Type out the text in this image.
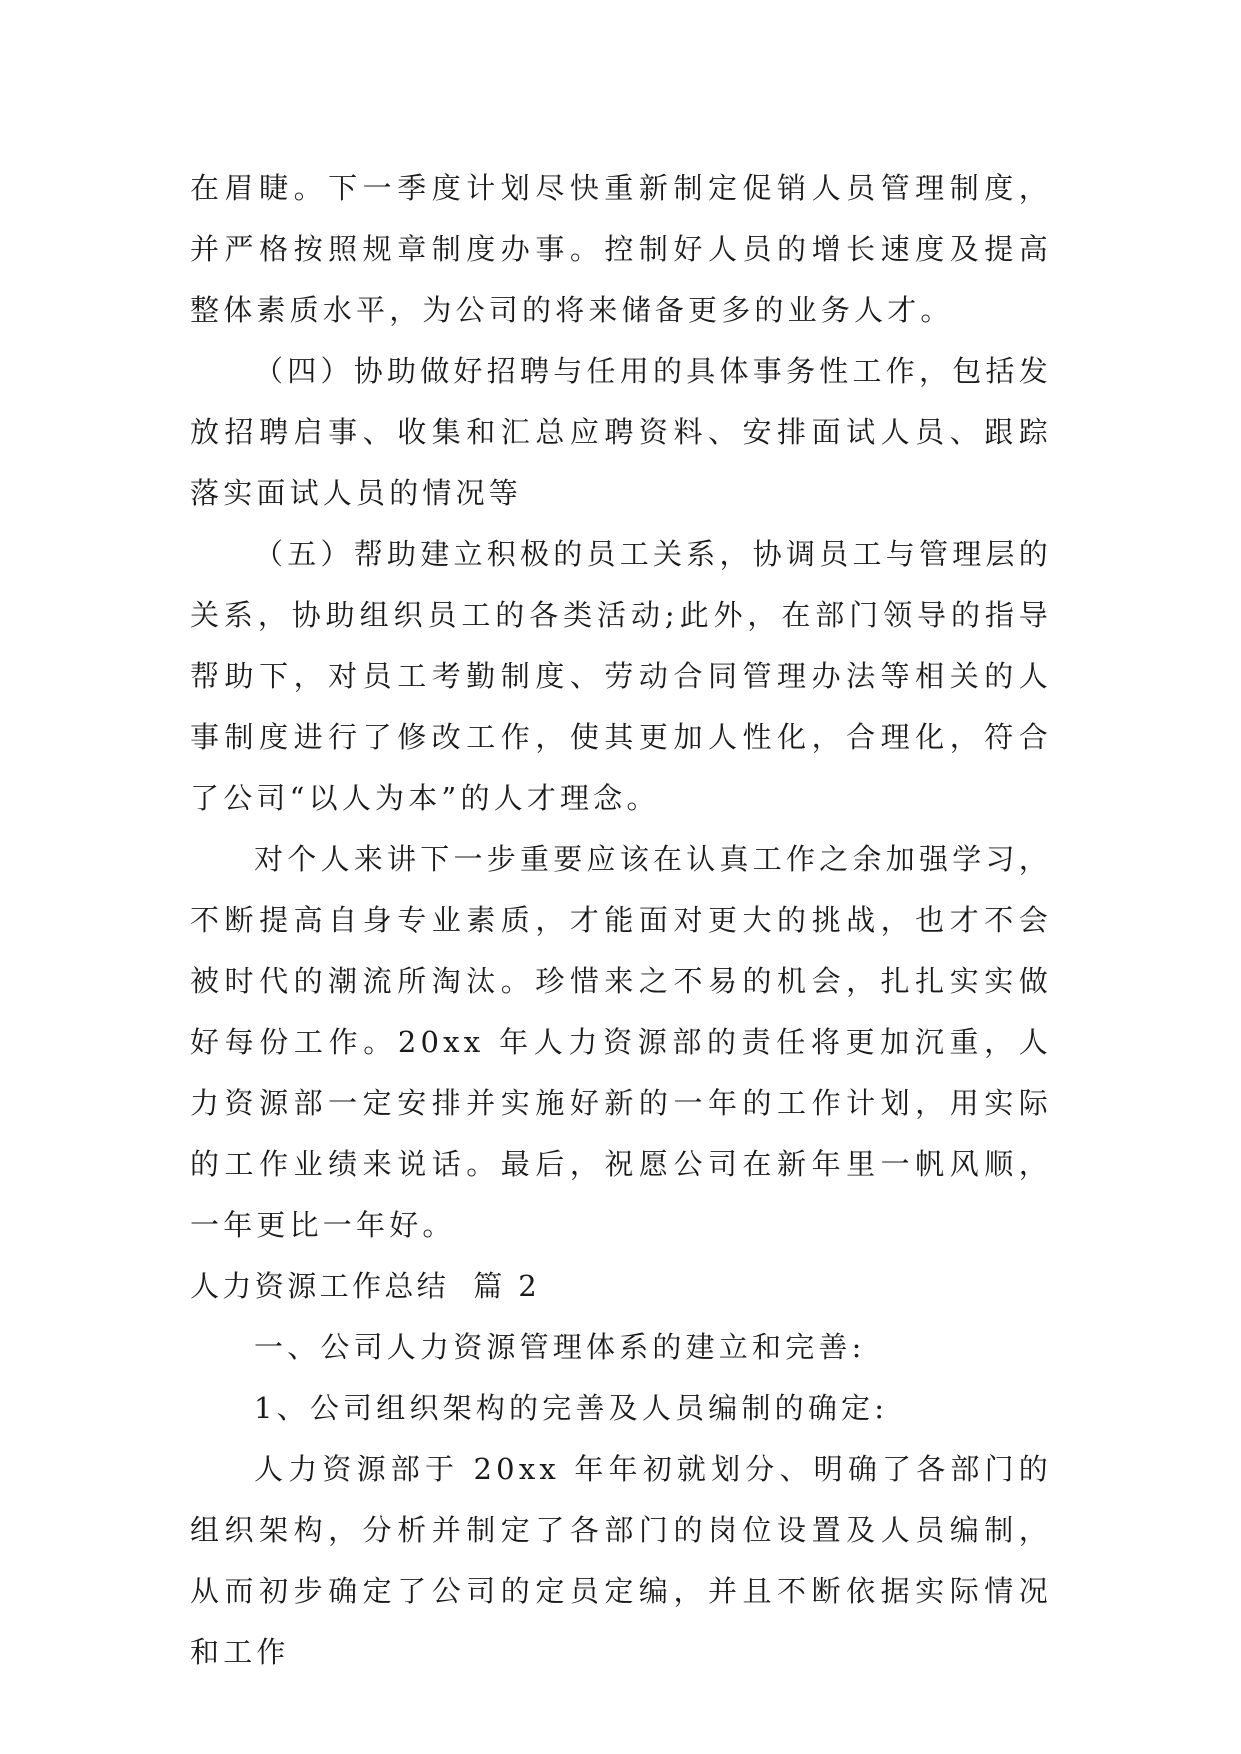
在眉睫。下一季度计划尽快重新制定促销人员管理制度，并严格按照规章制度办事。控制好人员的增长速度及提高整体素质水平，为公司的将来储备更多的业务人才。

（四）协助做好招聘与任用的具体事务性工作，包括发放招聘启事、收集和汇总应聘资料、安排面试人员、跟踪落实面试人员的情况等

（五）帮助建立积极的员工关系，协调员工与管理层的关系，协助组织员工的各类活动;此外，在部门领导的指导帮助下，对员工考勤制度、劳动合同管理办法等相关的人事制度进行了修改工作，使其更加人性化，合理化，符合了公司“以人为本”的人才理念。

对个人来讲下一步重要应该在认真工作之余加强学习，不断提高自身专业素质，才能面对更大的挑战，也才不会被时代的潮流所淘汰。珍惜来之不易的机会，扎扎实实做好每份工作。20xx 年人力资源部的责任将更加沉重，人力资源部一定安排并实施好新的一年的工作计划，用实际的工作业绩来说话。最后，祝愿公司在新年里一帆风顺，一年更比一年好。

人力资源工作总结 篇 2

一、公司人力资源管理体系的建立和完善:

1、公司组织架构的完善及人员编制的确定:

人力资源部于 20xx 年年初就划分、明确了各部门的组织架构，分析并制定了各部门的岗位设置及人员编制，从而初步确定了公司的定员定编，并且不断依据实际情况和工作
